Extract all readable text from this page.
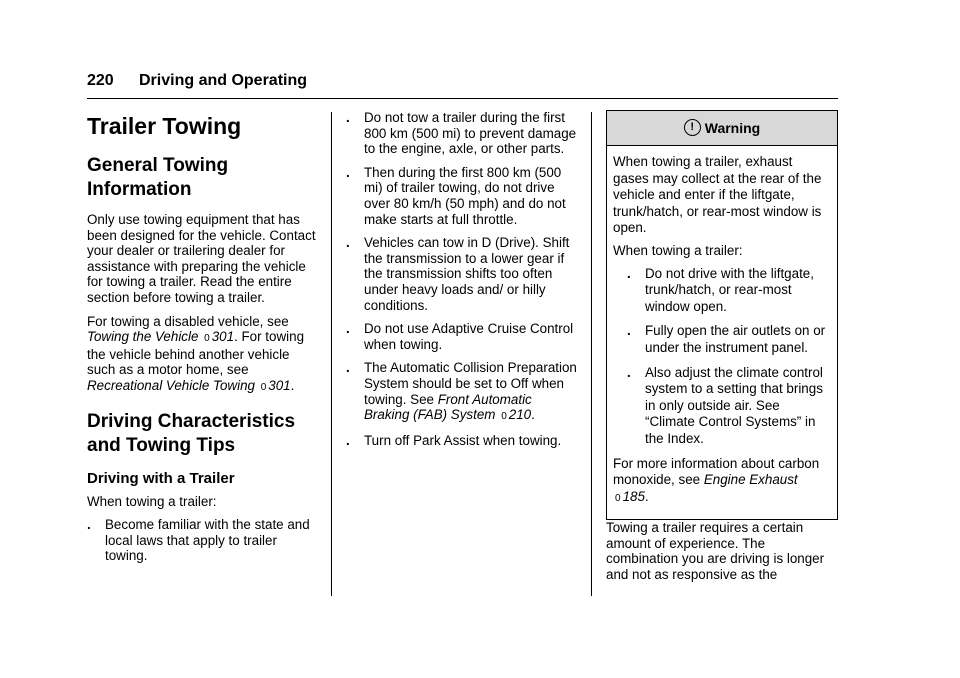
220 Driving and Operating
Trailer Towing
General Towing
Information

Only use towing equipment that has been designed for the vehicle. Contact your dealer or trailering dealer for assistance with preparing the vehicle for towing a trailer. Read the entire section before towing a trailer.

For towing a disabled vehicle, see Towing the Vehicle 0 301. For towing the vehicle behind another vehicle such as a motor home, see Recreational Vehicle Towing 0 301.

Driving Characteristics
and Towing Tips
Driving with a Trailer

When towing a trailer:

. Become familiar with the state and local laws that apply to trailer towing.
. Do not tow a trailer during the first 800 km (500 mi) to prevent damage to the engine, axle, or other parts.
. Then during the first 800 km (500 mi) of trailer towing, do not drive over 80 km/h (50 mph) and do not make starts at full throttle.
. Vehicles can tow in D (Drive). Shift the transmission to a lower gear if the transmission shifts too often under heavy loads and/ or hilly conditions.
. Do not use Adaptive Cruise Control when towing.
. The Automatic Collision Preparation System should be set to Off when towing. See Front Automatic Braking (FAB) System 0 210.
. Turn off Park Assist when towing.
! Warning

When towing a trailer, exhaust gases may collect at the rear of the vehicle and enter if the liftgate, trunk/hatch, or rear-most window is open.

When towing a trailer:

. Do not drive with the liftgate, trunk/hatch, or rear-most window open.
. Fully open the air outlets on or under the instrument panel.
. Also adjust the climate control system to a setting that brings in only outside air. See “Climate Control Systems” in the Index.

For more information about carbon monoxide, see Engine Exhaust 0 185.

Towing a trailer requires a certain amount of experience. The combination you are driving is longer and not as responsive as the
